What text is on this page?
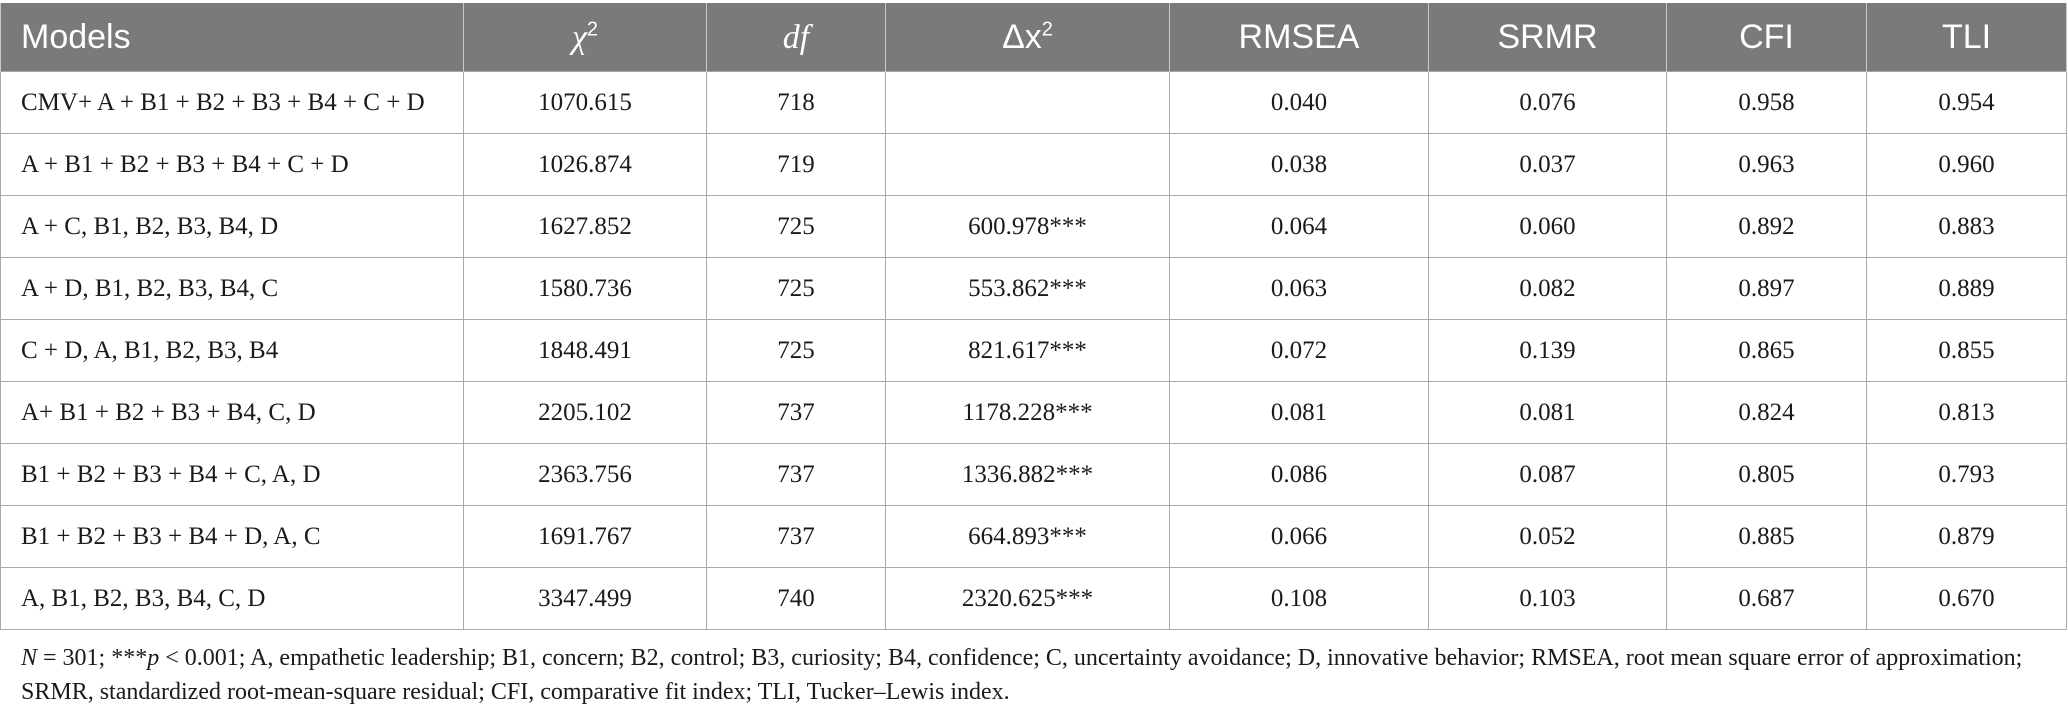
Models	$\chi^2$	df	$\Delta x^2$	RMSEA	SRMR	CFI	TLI
CMV+ A + B1 + B2 + B3 + B4 + C + D	1070.615	718		0.040	0.076	0.958	0.954
A + B1 + B2 + B3 + B4 + C + D	1026.874	719		0.038	0.037	0.963	0.960
A + C, B1, B2, B3, B4, D	1627.852	725	600.978***	0.064	0.060	0.892	0.883
A + D, B1, B2, B3, B4, C	1580.736	725	553.862***	0.063	0.082	0.897	0.889
C + D, A, B1, B2, B3, B4	1848.491	725	821.617***	0.072	0.139	0.865	0.855
A+ B1 + B2 + B3 + B4, C, D	2205.102	737	1178.228***	0.081	0.081	0.824	0.813
B1 + B2 + B3 + B4 + C, A, D	2363.756	737	1336.882***	0.086	0.087	0.805	0.793
B1 + B2 + B3 + B4 + D, A, C	1691.767	737	664.893***	0.066	0.052	0.885	0.879
A, B1, B2, B3, B4, C, D	3347.499	740	2320.625***	0.108	0.103	0.687	0.670
N = 301; ***p < 0.001; A, empathetic leadership; B1, concern; B2, control; B3, curiosity; B4, confidence; C, uncertainty avoidance; D, innovative behavior; RMSEA, root mean square error of approximation; SRMR, standardized root-mean-square residual; CFI, comparative fit index; TLI, Tucker–Lewis index.
